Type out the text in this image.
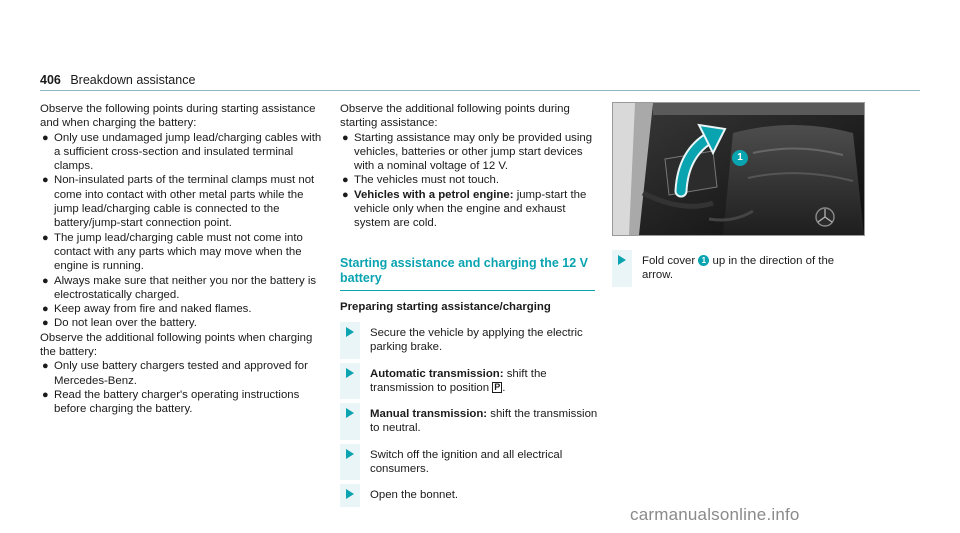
406 Breakdown assistance

Observe the following points during starting assistance and when charging the battery:

● Only use undamaged jump lead/charging cables with a sufficient cross-section and insulated terminal clamps.
● Non-insulated parts of the terminal clamps must not come into contact with other metal parts while the jump lead/charging cable is connected to the battery/jump-start connection point.
● The jump lead/charging cable must not come into contact with any parts which may move when the engine is running.
● Always make sure that neither you nor the battery is electrostatically charged.
● Keep away from fire and naked flames.
● Do not lean over the battery.

Observe the additional following points when charging the battery:

● Only use battery chargers tested and approved for Mercedes-Benz.
● Read the battery charger's operating instructions before charging the battery.

Observe the additional following points during starting assistance:

● Starting assistance may only be provided using vehicles, batteries or other jump start devices with a nominal voltage of 12 V.
● The vehicles must not touch.
● Vehicles with a petrol engine: jump-start the vehicle only when the engine and exhaust system are cold.
Starting assistance and charging the 12 V battery
Preparing starting assistance/charging
Secure the vehicle by applying the electric parking brake.
Automatic transmission: shift the transmission to position P .
Manual transmission: shift the transmission to neutral.
Switch off the ignition and all electrical consumers.
Open the bonnet.
1
Fold cover 1 up in the direction of the arrow.
carmanualsonline.info
